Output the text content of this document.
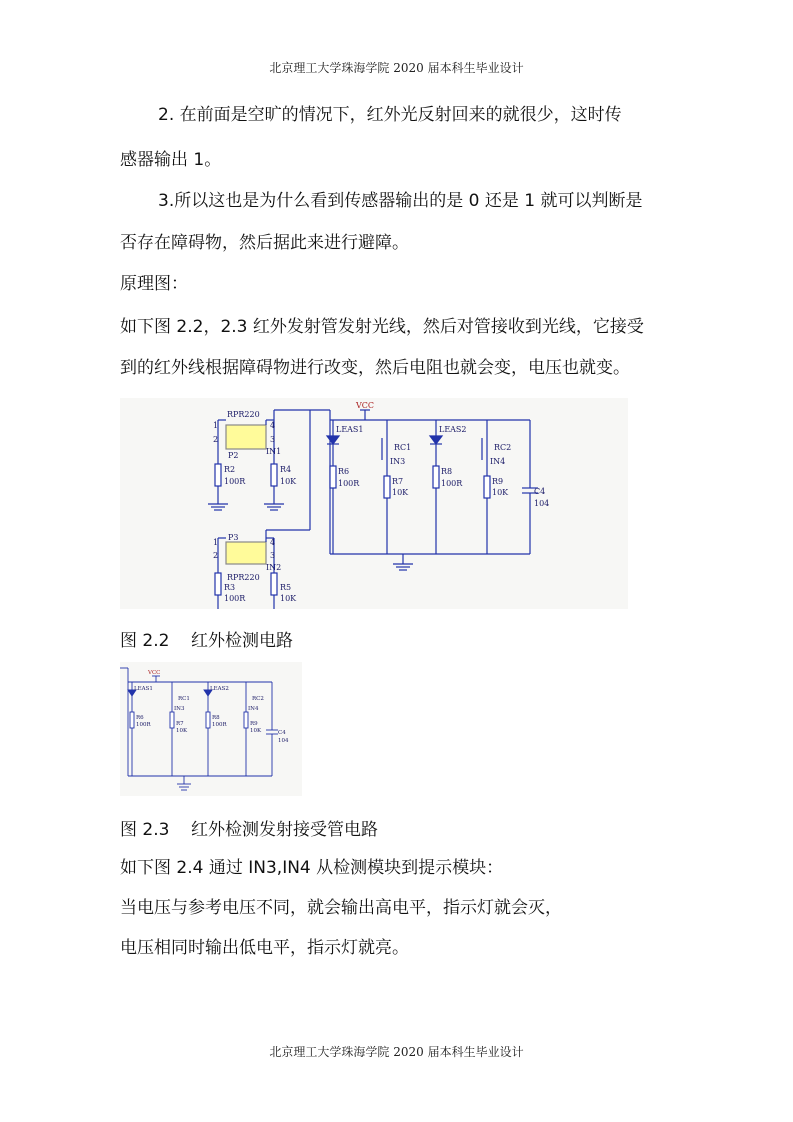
北京理工大学珠海学院 2020 届本科生毕业设计
2. 在前面是空旷的情况下，红外光反射回来的就很少，这时传
感器输出 1。
3.所以这也是为什么看到传感器输出的是 0 还是 1 就可以判断是
否存在障碍物，然后据此来进行避障。
原理图：
如下图 2.2，2.3 红外发射管发射光线，然后对管接收到光线，它接受
到的红外线根据障碍物进行改变，然后电阻也就会变，电压也就变。
RPR220
1
2
4
3
P2	IN1
R2
100R
R4
10K
1
2
4
3
P3
IN2
RPR220
R3
100R
R5
10K
VCC
LEAS1
RC1
IN3
LEAS2
RC2
IN4
R6
100R	R7
10K
R8
100R	R9
10K	C4
104
图 2.2    红外检测电路
VCC
LEAS1
RC1
IN3
LEAS2
RC2
IN4
R6
100R	R7
10K
R8
100R	R9
10K	C4
104
图 2.3    红外检测发射接受管电路
如下图 2.4 通过 IN3,IN4 从检测模块到提示模块：
当电压与参考电压不同，就会输出高电平，指示灯就会灭，
电压相同时输出低电平，指示灯就亮。
北京理工大学珠海学院 2020 届本科生毕业设计
